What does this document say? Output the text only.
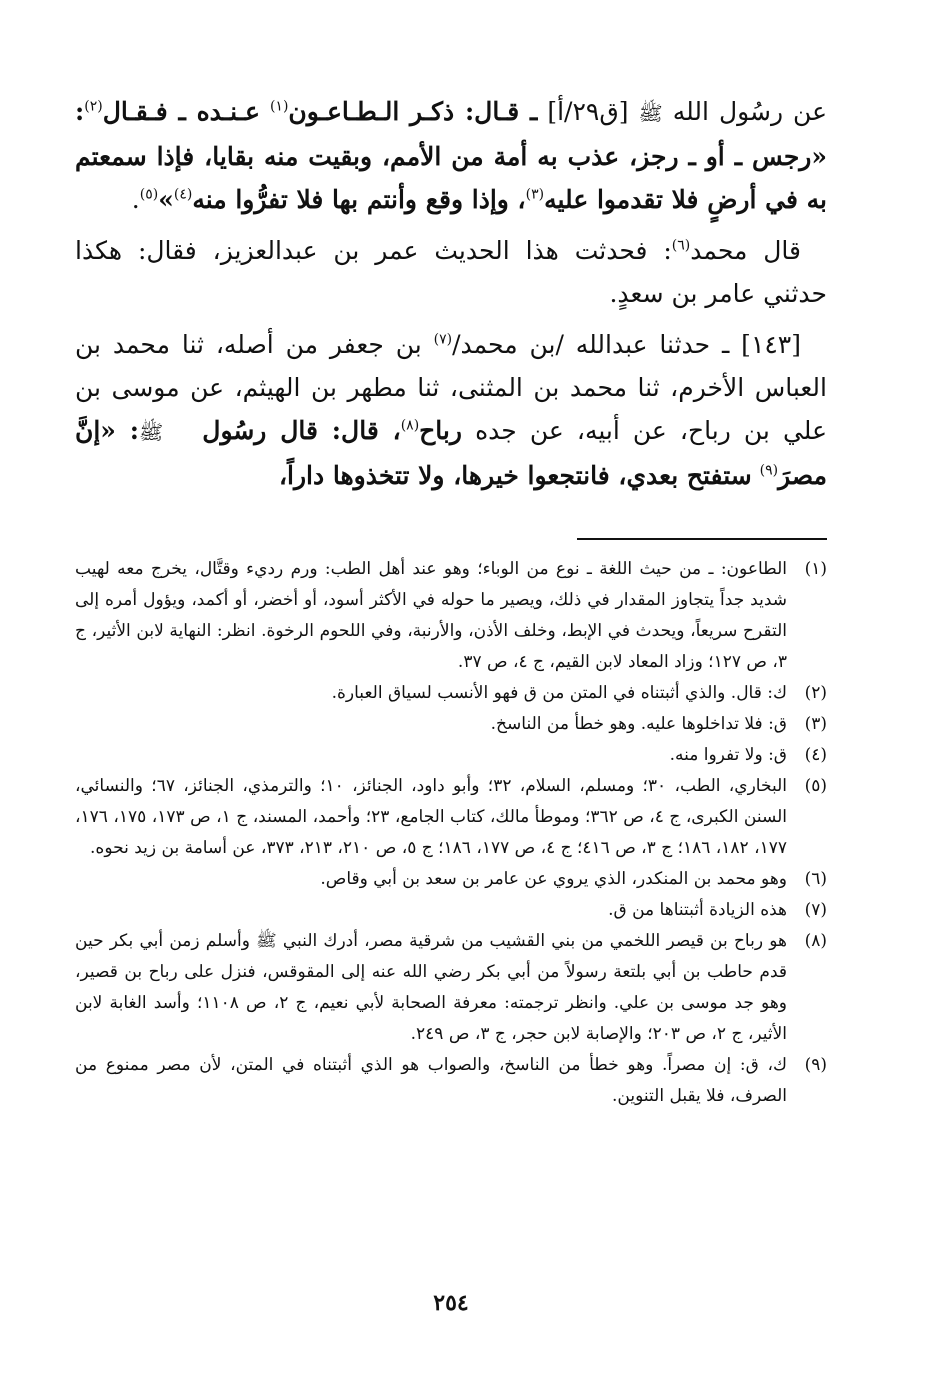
عن رسُول الله ﷺ [ق٢٩/أ] ـ قـال: ذكـر الـطـاعـون$^{(١)}$ عـنـده ـ فـقـال$^{(٢)}$: «رجس ـ أو ـ رجز، عذب به أمة من الأمم، وبقيت منه بقايا، فإذا سمعتم به في أرضٍ فلا تقدموا عليه$^{(٣)}$، وإذا وقع وأنتم بها فلا تفرُّوا منه$^{(٤)}$»$^{(٥)}$.

قال محمد$^{(٦)}$: فحدثت هذا الحديث عمر بن عبدالعزيز، فقال: هكذا حدثني عامر بن سعدٍ.

[١٤٣] ـ حدثنا عبدالله /بن محمد/$^{(٧)}$ بن جعفر من أصله، ثنا محمد بن العباس الأخرم، ثنا محمد بن المثنى، ثنا مطهر بن الهيثم، عن موسى بن علي بن رباح، عن أبيه، عن جده رباح$^{(٨)}$، قال: قال رسُول ﷺ: «إنَّ مصرَ$^{(٩)}$ ستفتح بعدي، فانتجعوا خيرها، ولا تتخذوها داراً،

(١)
الطاعون: ـ من حيث اللغة ـ نوع من الوباء؛ وهو عند أهل الطب: ورم رديء وقتَّال، يخرج معه لهيب شديد جداً يتجاوز المقدار في ذلك، ويصير ما حوله في الأكثر أسود، أو أخضر، أو أكمد، ويؤول أمره إلى التقرح سريعاً، ويحدث في الإبط، وخلف الأذن، والأرنبة، وفي اللحوم الرخوة. انظر: النهاية لابن الأثير، ج ٣، ص ١٢٧؛ وزاد المعاد لابن القيم، ج ٤، ص ٣٧.
(٢)
ك: قال. والذي أثبتناه في المتن من ق فهو الأنسب لسياق العبارة.
(٣)
ق: فلا تداخلوها عليه. وهو خطأ من الناسخ.
(٤)
ق: ولا تفروا منه.
(٥)
البخاري، الطب، ٣٠؛ ومسلم، السلام، ٣٢؛ وأبو داود، الجنائز، ١٠؛ والترمذي، الجنائز، ٦٧؛ والنسائي، السنن الكبرى، ج ٤، ص ٣٦٢؛ وموطأ مالك، كتاب الجامع، ٢٣؛ وأحمد، المسند، ج ١، ص ١٧٣، ١٧٥، ١٧٦، ١٧٧، ١٨٢، ١٨٦؛ ج ٣، ص ٤١٦؛ ج ٤، ص ١٧٧، ١٨٦؛ ج ٥، ص ٢١٠، ٢١٣، ٣٧٣، عن أسامة بن زيد نحوه.
(٦)
وهو محمد بن المنكدر، الذي يروي عن عامر بن سعد بن أبي وقاص.
(٧)
هذه الزيادة أثبتناها من ق.
(٨)
هو رباح بن قيصر اللخمي من بني القشيب من شرقية مصر، أدرك النبي ﷺ وأسلم زمن أبي بكر حين قدم حاطب بن أبي بلتعة رسولاً من أبي بكر رضي الله عنه إلى المقوقس، فنزل على رباح بن قصير، وهو جد موسى بن علي. وانظر ترجمته: معرفة الصحابة لأبي نعيم، ج ٢، ص ١١٠٨؛ وأسد الغابة لابن الأثير، ج ٢، ص ٢٠٣؛ والإصابة لابن حجر، ج ٣، ص ٢٤٩.
(٩)
ك، ق: إن مصراً. وهو خطأ من الناسخ، والصواب هو الذي أثبتناه في المتن، لأن مصر ممنوع من الصرف، فلا يقبل التنوين.
٢٥٤
